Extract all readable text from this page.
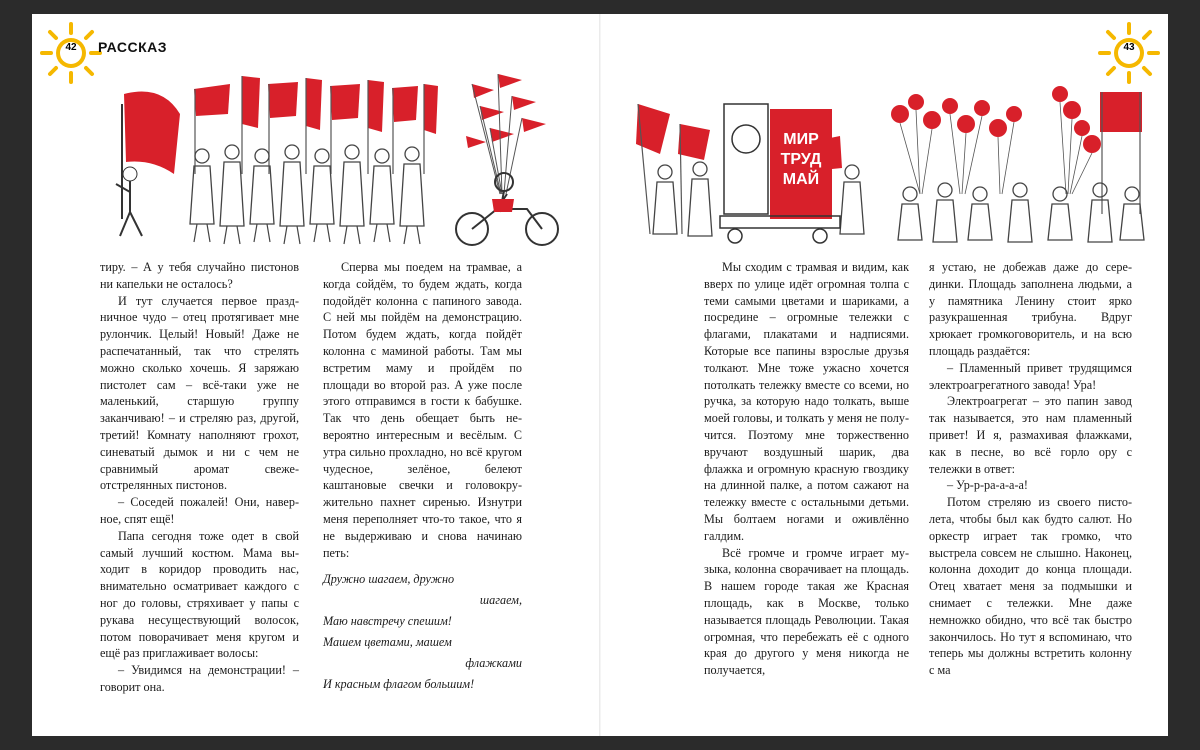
42	РАССКАЗ

тиру. – А у тебя случайно пистонов ни капельки не осталось?

И тут случается первое праздничное чудо – отец протягивает мне рулончик. Целый! Новый! Даже не распечатанный, так что стрелять можно сколько хочешь. Я заряжаю пистолет сам – всё-таки уже не маленький, старшую группу заканчиваю! – и стреляю раз, другой, третий! Комнату наполняют грохот, синеватый дымок и ни с чем не сравнимый аромат свежеотстрелянных пистонов.

– Соседей пожалей! Они, наверное, спят ещё!

Папа сегодня тоже одет в свой самый лучший костюм. Мама выходит в коридор проводить нас, внимательно осматривает каждого с ног до головы, стряхивает у папы с рукава несуществующий волосок, потом поворачивает меня кругом и ещё раз приглаживает волосы:

– Увидимся на демонстрации! – говорит она.

Сперва мы поедем на трамвае, а когда сойдём, то будем ждать, когда подойдёт колонна с папиного завода. С ней мы пойдём на демонстрацию. Потом будем ждать, когда пойдёт колонна с маминой работы. Там мы встретим маму и пройдём по площади во второй раз. А уже после этого отправимся в гости к бабушке. Так что день обещает быть невероятно интересным и весёлым. С утра сильно прохладно, но всё кругом чудесное, зелёное, белеют каштановые свечки и головокружительно пахнет сиренью. Изнутри меня переполняет что-то такое, что я не выдерживаю и снова начинаю петь:

Дружно шагаем, дружно
шагаем,
Маю навстречу спешим!
Машем цветами, машем
флажками
И красным флагом большим!
43
МИР
ТРУД
МАЙ

Мы сходим с трамвая и видим, как вверх по улице идёт огромная толпа с теми самыми цветами и шариками, а посредине – огромные тележки с флагами, плакатами и надписями. Которые все папины взрослые друзья толкают. Мне тоже ужасно хочется потолкать тележку вместе со всеми, но ручка, за которую надо толкать, выше моей головы, и толкать у меня не получится. Поэтому мне торжественно вручают воздушный шарик, два флажка и огромную красную гвоздику на длинной палке, а потом сажают на тележку вместе с остальными детьми. Мы болтаем ногами и оживлённо галдим.

Всё громче и громче играет музыка, колонна сворачивает на площадь. В нашем городе такая же Красная площадь, как в Москве, только называется площадь Революции. Такая огромная, что перебежать её с одного края до другого у меня никогда не получается,

я устаю, не добежав даже до серединки. Площадь заполнена людьми, а у памятника Ленину стоит ярко разукрашенная трибуна. Вдруг хрюкает громкоговоритель, и на всю площадь раздаётся:

– Пламенный привет трудящимся электроагрегатного завода! Ура!

Электроагрегат – это папин завод так называется, это нам пламенный привет! И я, размахивая флажками, как в песне, во всё горло ору с тележки в ответ:

– Ур-р-ра-а-а-а!

Потом стреляю из своего пистолета, чтобы был как будто салют. Но оркестр играет так громко, что выстрела совсем не слышно. Наконец, колонна доходит до конца площади. Отец хватает меня за подмышки и снимает с тележки. Мне даже немножко обидно, что всё так быстро закончилось. Но тут я вспоминаю, что теперь мы должны встретить колонну с ма
